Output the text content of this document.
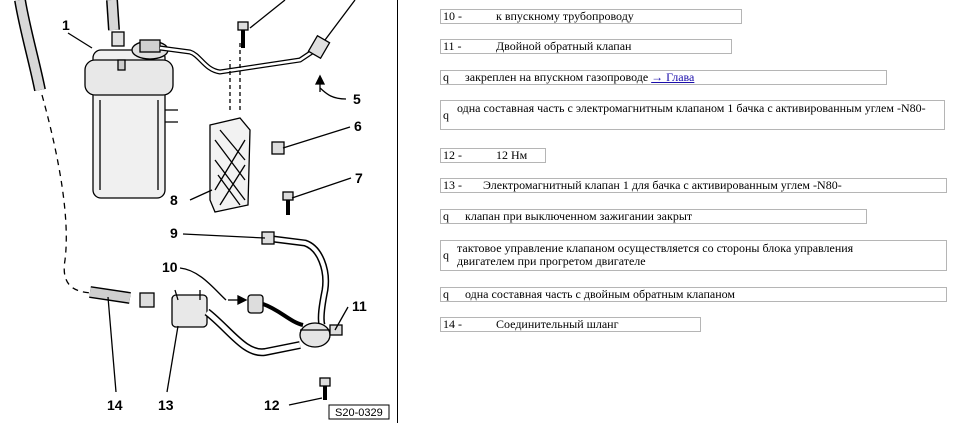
1
5
6
7
8
9
10
11
12
13
14	S20-0329
10 -	к впускному трубопроводу
11 -	Двойной обратный клапан
q	закреплен на впускном газопроводе → Глава
q одна составная часть с электромагнитным клапаном 1 бачка с активированным углем -N80-
12 -	12 Нм
13 -	Электромагнитный клапан 1 для бачка с активированным углем -N80-
q	клапан при выключенном зажигании закрыт
q тактовое управление клапаном осуществляется со стороны блока управления двигателем при прогретом двигателе
q	одна составная часть с двойным обратным клапаном
14 -	Соединительный шланг
